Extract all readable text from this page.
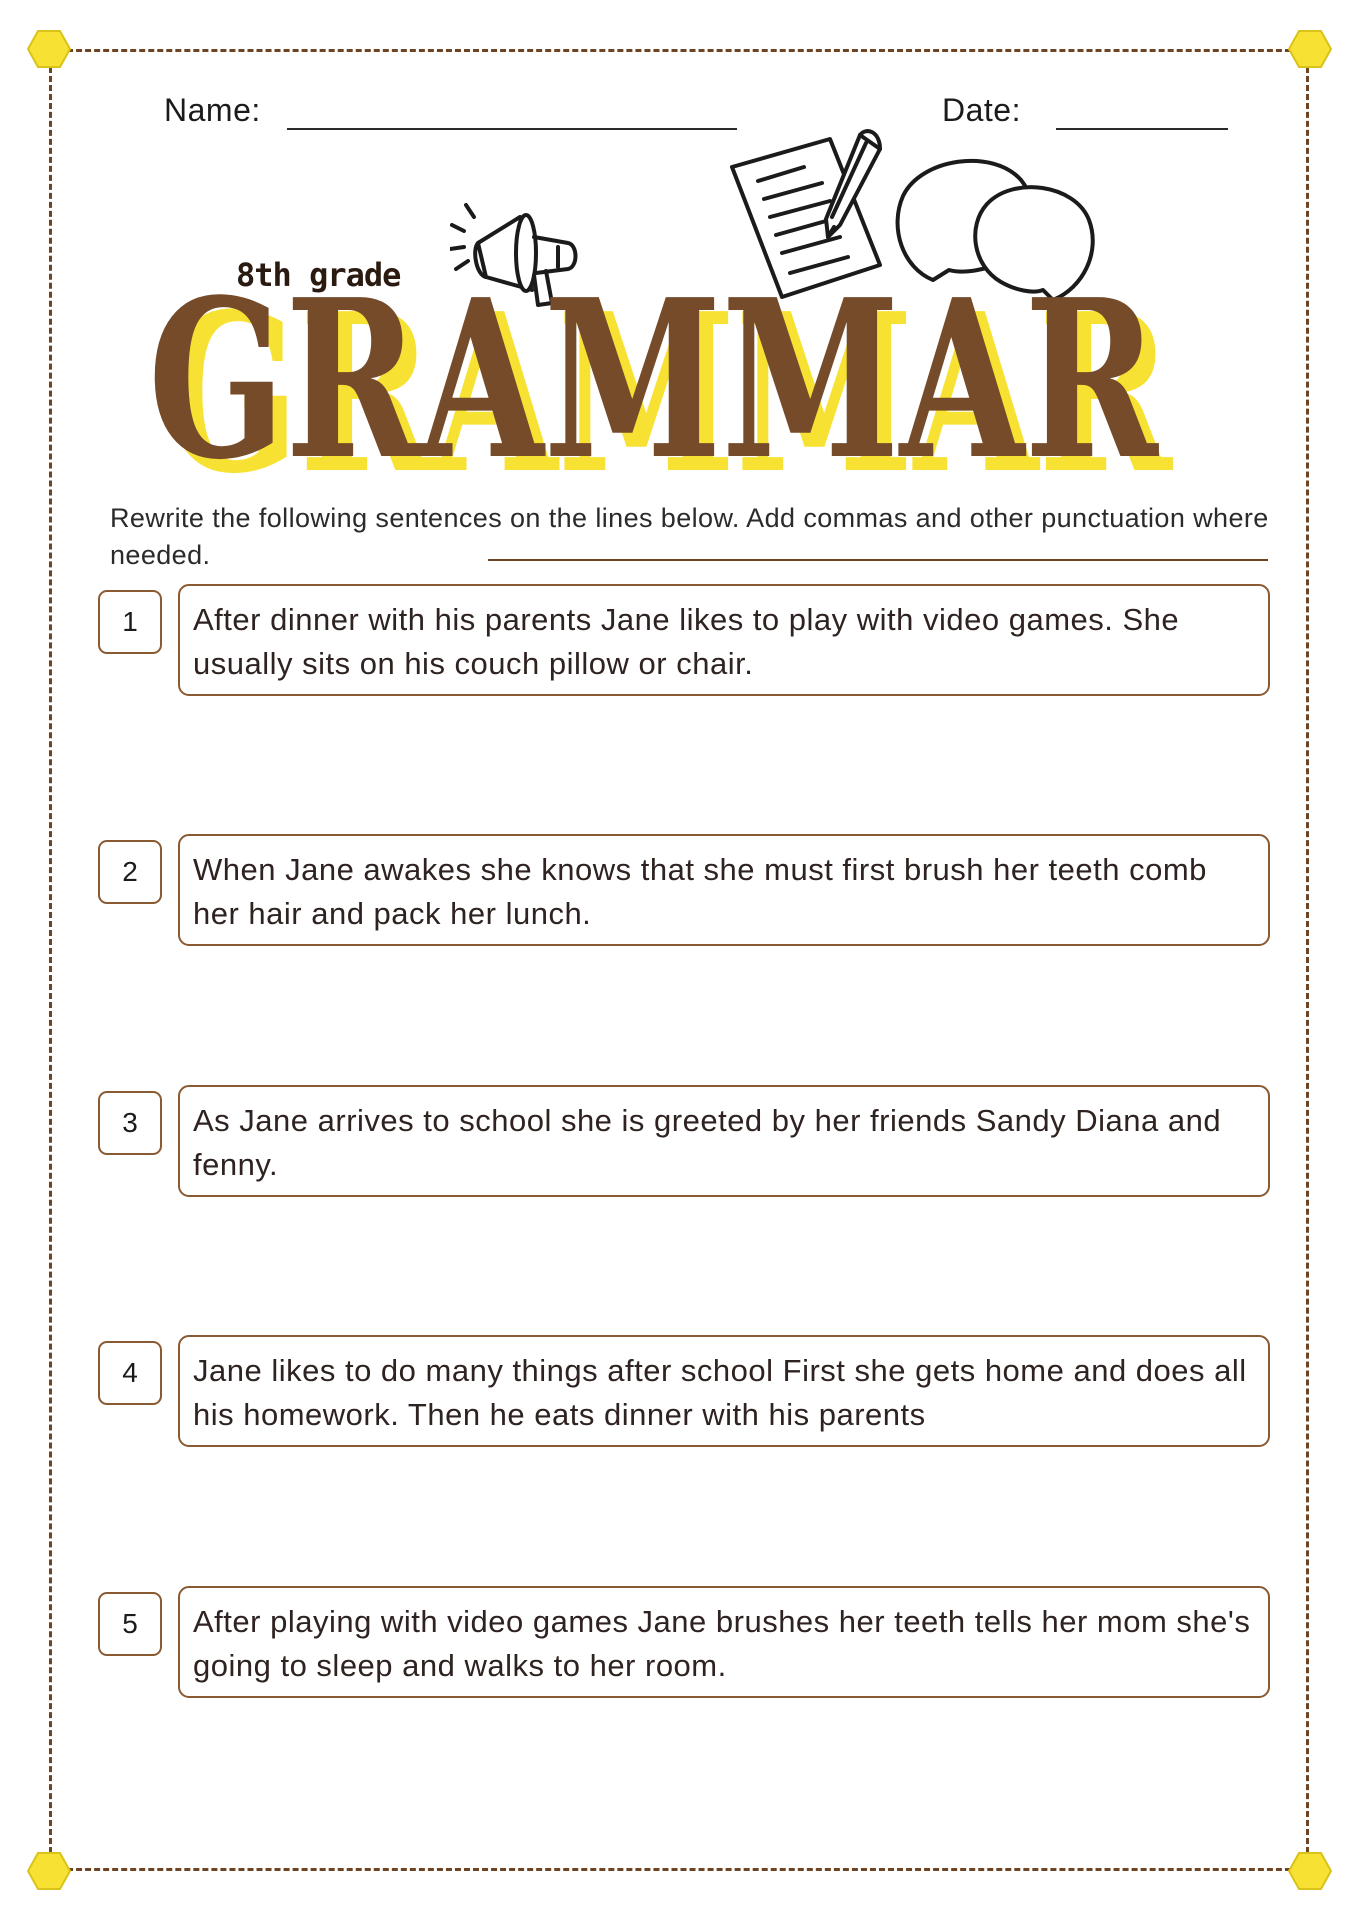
Name:	Date:
8th grade
GRAMMAR
GRAMMAR
Rewrite the following sentences on the lines below. Add commas and other punctuation where needed.
1	After dinner with his parents Jane likes to play with video games. She usually sits on his couch pillow or chair.
2	When Jane awakes she knows that she must first brush her teeth comb her hair and pack her lunch.
3	As Jane arrives to school she is greeted by her friends Sandy Diana and fenny.
4	Jane likes to do many things after school First she gets home and does all his homework. Then he eats dinner with his parents
5	After playing with video games Jane brushes her teeth tells her mom she's going to sleep and walks to her room.
